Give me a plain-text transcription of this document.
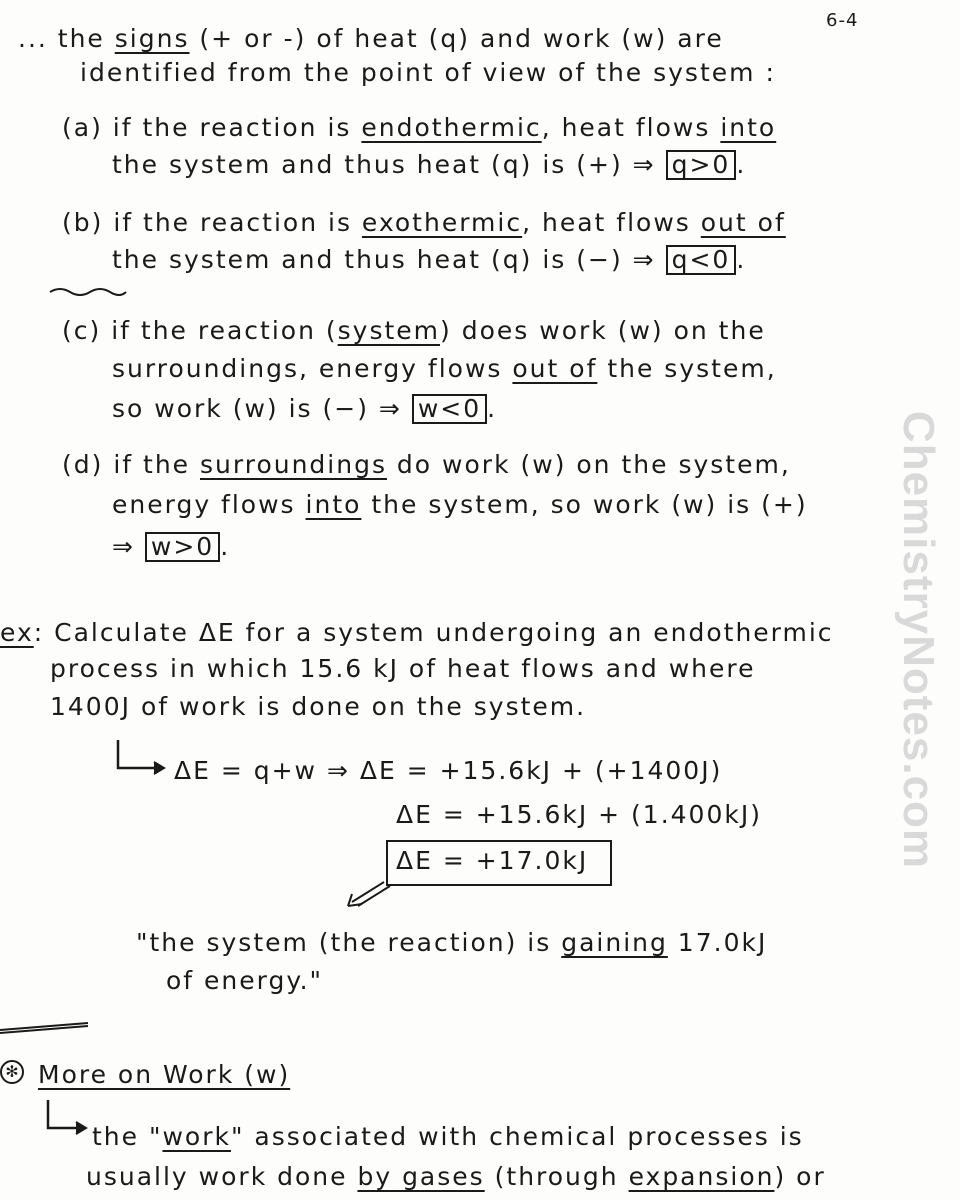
6-4
ChemistryNotes.com
... the signs (+ or -) of heat (q) and work (w) are
identified from the point of view of the system :
(a) if the reaction is endothermic, heat flows into
the system and thus heat (q) is (+) ⇒ q>0 .
(b) if the reaction is exothermic, heat flows out of
the system and thus heat (q) is (−) ⇒ q<0 .
(c) if the reaction (system) does work (w) on the
surroundings, energy flows out of the system,
so work (w) is (−) ⇒ w<0 .
(d) if the surroundings do work (w) on the system,
energy flows into the system, so work (w) is (+)
⇒ w>0 .
ex: Calculate ΔE for a system undergoing an endothermic
process in which 15.6 kJ of heat flows and where
1400J of work is done on the system.
ΔE = q+w ⇒ ΔE = +15.6kJ + (+1400J)
ΔE = +15.6kJ + (1.400kJ)
ΔE = +17.0kJ
"the system (the reaction) is gaining 17.0kJ
of energy."
✻ More on Work (w)
the "work" associated with chemical processes is
usually work done by gases (through expansion) or
